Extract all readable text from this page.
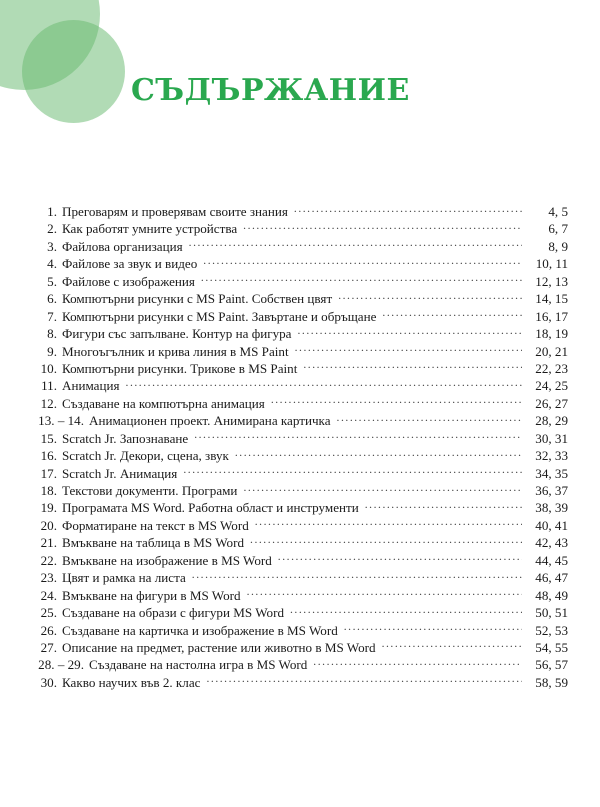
СЪДЪРЖАНИЕ
1. Преговарям и проверявам своите знания .....	4, 5
2. Как работят умните устройства .....	6, 7
3. Файлова организация .....	8, 9
4. Файлове за звук и видео .....	10, 11
5. Файлове с изображения .....	12, 13
6. Компютърни рисунки с MS Paint. Собствен цвят .....	14, 15
7. Компютърни рисунки с MS Paint. Завъртане и обръщане .....	16, 17
8. Фигури със запълване. Контур на фигура .....	18, 19
9. Многоъгълник и крива линия в MS Paint .....	20, 21
10. Компютърни рисунки. Трикове в MS Paint .....	22, 23
11. Анимация .....	24, 25
12. Създаване на компютърна анимация .....	26, 27
13. – 14. Анимационен проект. Анимирана картичка .....	28, 29
15. Scratch Jr. Запознаване .....	30, 31
16. Scratch Jr. Декори, сцена, звук .....	32, 33
17. Scratch Jr. Анимация .....	34, 35
18. Текстови документи. Програми .....	36, 37
19. Програмата MS Word. Работна област и инструменти .....	38, 39
20. Форматиране на текст в MS Word .....	40, 41
21. Вмъкване на таблица в MS Word .....	42, 43
22. Вмъкване на изображение в MS Word .....	44, 45
23. Цвят и рамка на листа .....	46, 47
24. Вмъкване на фигури в MS Word .....	48, 49
25. Създаване на образи с фигури MS Word .....	50, 51
26. Създаване на картичка и изображение в MS Word .....	52, 53
27. Описание на предмет, растение или животно в MS Word .....	54, 55
28. – 29. Създаване на настолна игра в MS Word .....	56, 57
30. Какво научих във 2. клас .....	58, 59
